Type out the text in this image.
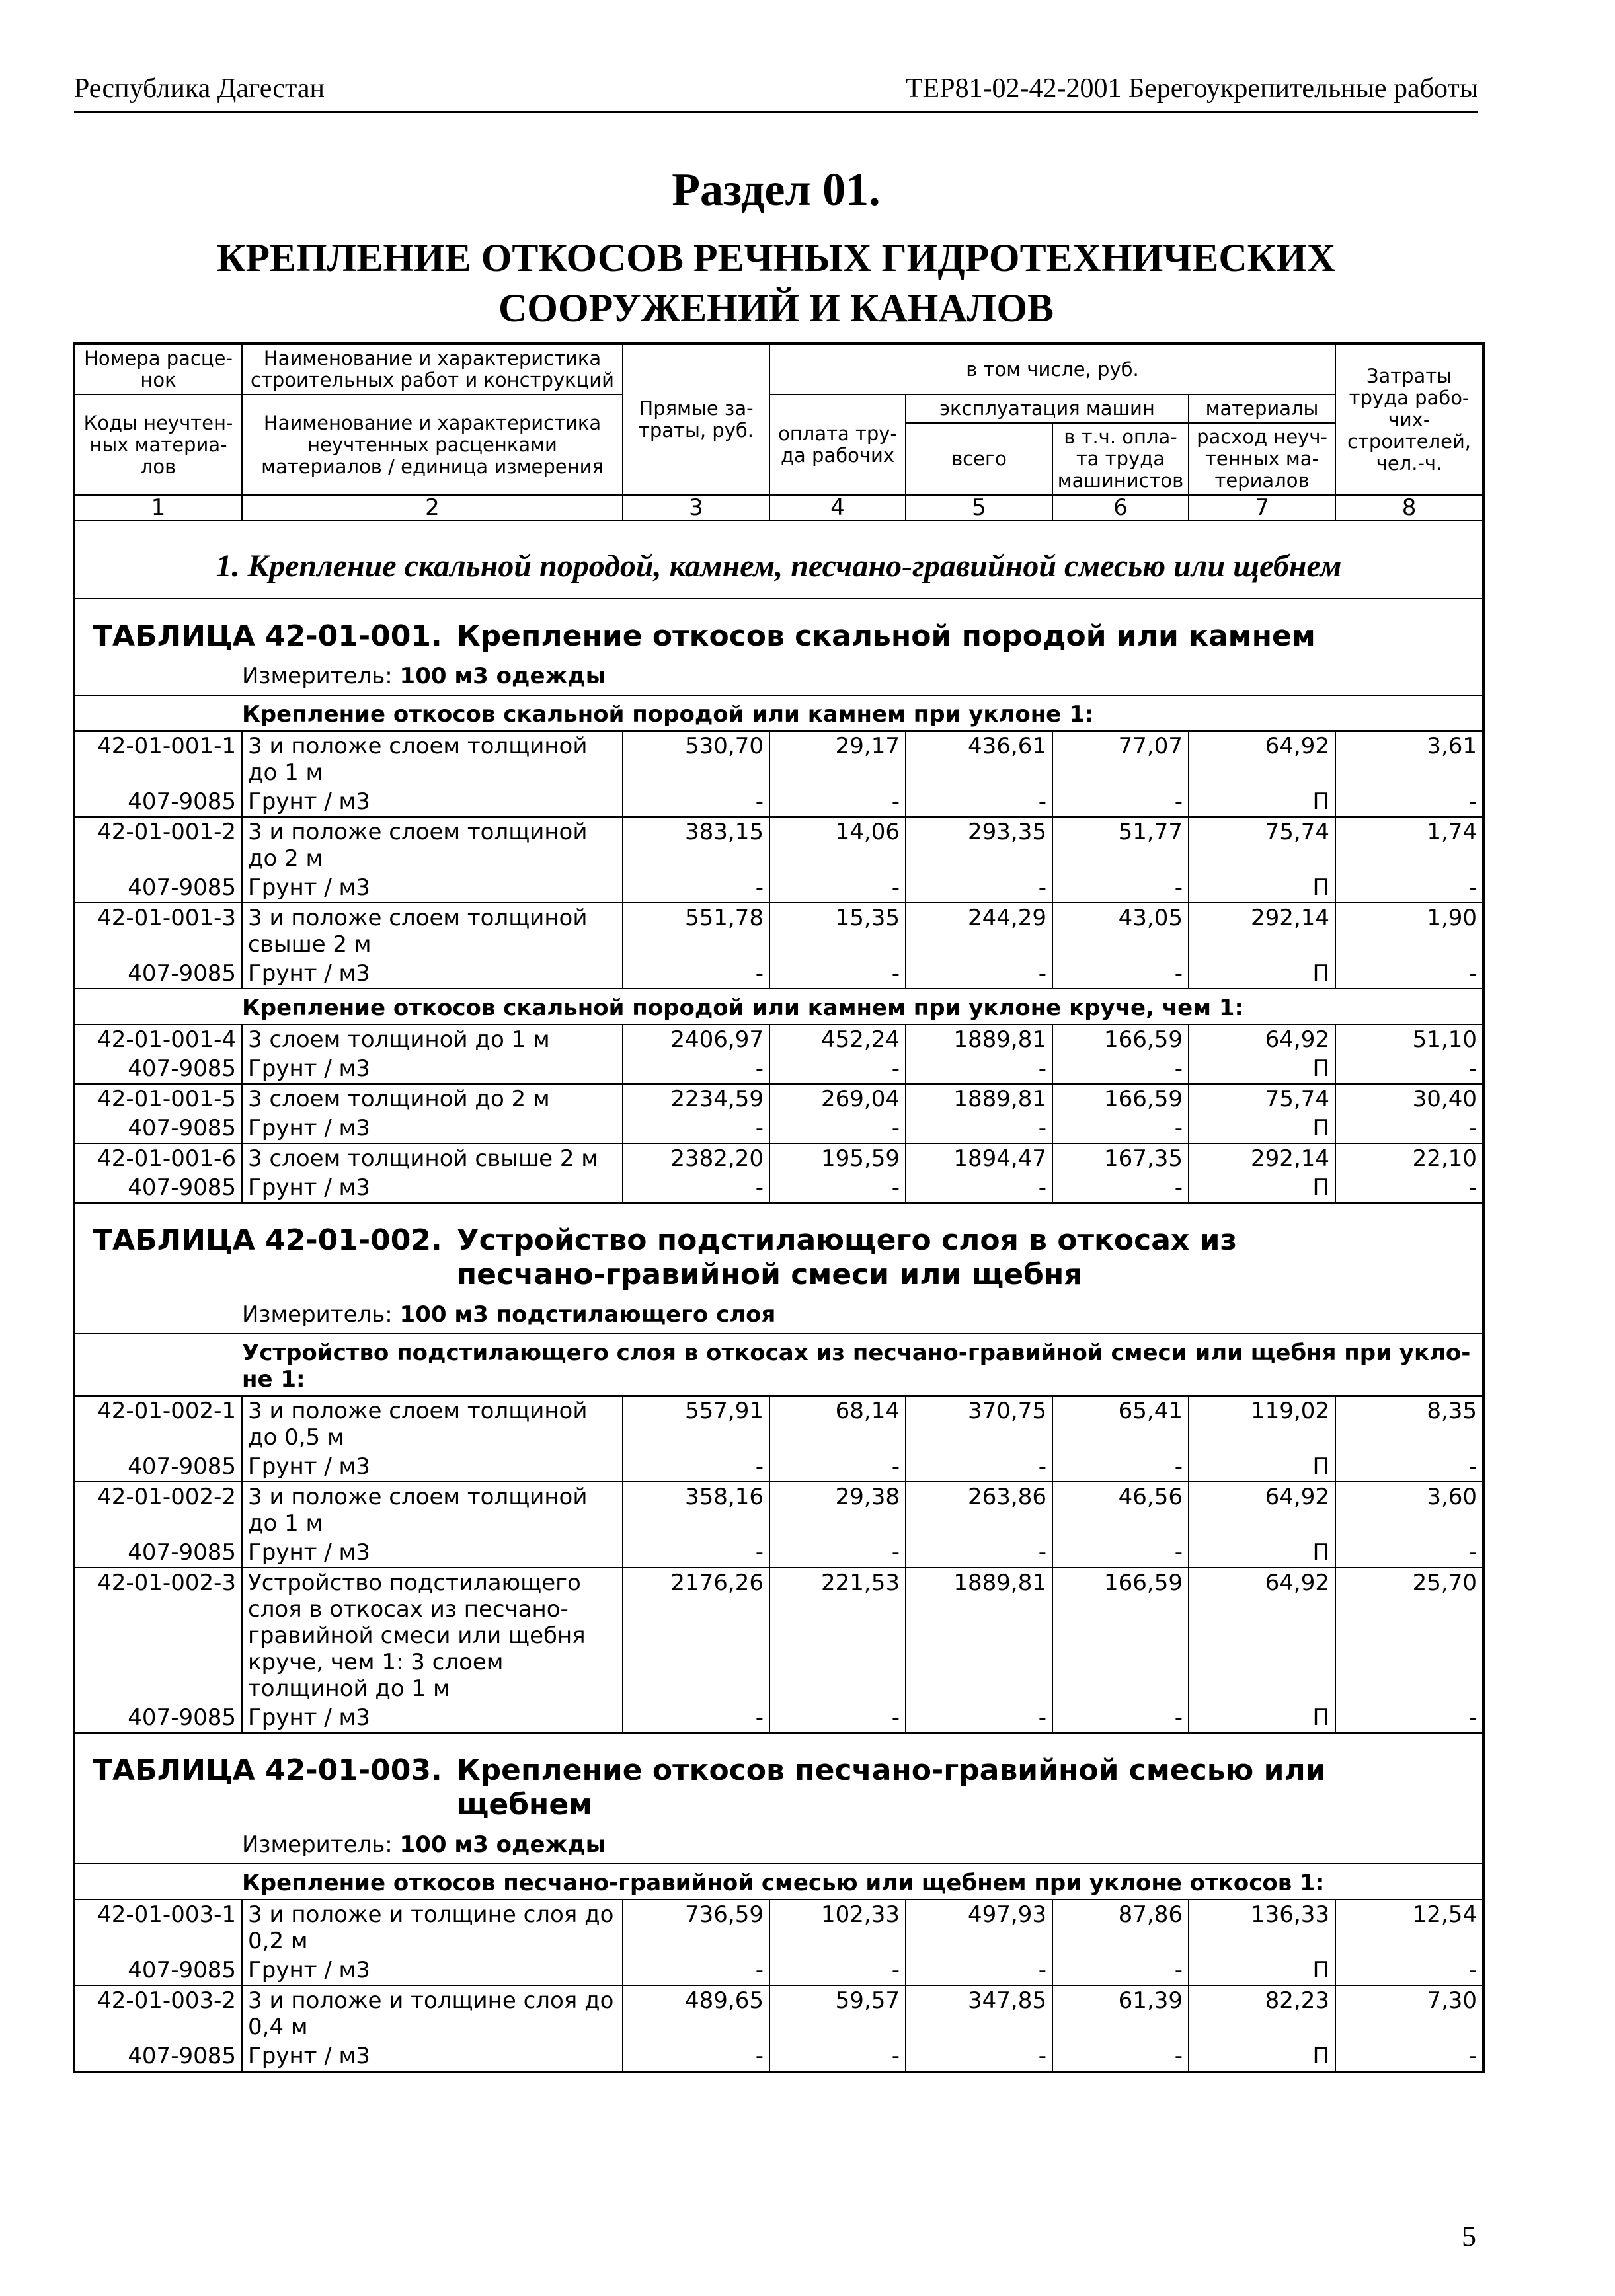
Республика Дагестан	ТЕР81-02-42-2001 Берегоукрепительные работы
Раздел 01.
КРЕПЛЕНИЕ ОТКОСОВ РЕЧНЫХ ГИДРОТЕХНИЧЕСКИХ
СООРУЖЕНИЙ И КАНАЛОВ
Номера расце-нок	Наименование и характеристика строительных работ и конструкций	Прямые за-траты, руб.	в том числе, руб.				Затраты труда рабо-чих-строителей, чел.-ч.
Коды неучтен-ных материа-лов	Наименование и характеристика неучтенных расценками материалов / единица измерения		оплата тру-да рабочих	эксплуатация машин		материалы	
				всего	в т.ч. опла-та труда машинистов	расход неуч-тенных ма-териалов	
1	2	3	4	5	6	7	8
1. Крепление скальной породой, камнем, песчано-гравийной смесью или щебнем							
ТАБЛИЦА 42-01-001. Крепление откосов скальной породой или камнем							
	Измеритель: 100 м3 одежды						
	Крепление откосов скальной породой или камнем при уклоне 1:						
42-01-001-1	3 и положе слоем толщиной до 1 м	530,70	29,17	436,61	77,07	64,92	3,61
407-9085	Грунт / м3	-	-	-	-	П	-
42-01-001-2	3 и положе слоем толщиной до 2 м	383,15	14,06	293,35	51,77	75,74	1,74
407-9085	Грунт / м3	-	-	-	-	П	-
42-01-001-3	3 и положе слоем толщиной свыше 2 м	551,78	15,35	244,29	43,05	292,14	1,90
407-9085	Грунт / м3	-	-	-	-	П	-
	Крепление откосов скальной породой или камнем при уклоне круче, чем 1:						
42-01-001-4	3 слоем толщиной до 1 м	2406,97	452,24	1889,81	166,59	64,92	51,10
407-9085	Грунт / м3	-	-	-	-	П	-
42-01-001-5	3 слоем толщиной до 2 м	2234,59	269,04	1889,81	166,59	75,74	30,40
407-9085	Грунт / м3	-	-	-	-	П	-
42-01-001-6	3 слоем толщиной свыше 2 м	2382,20	195,59	1894,47	167,35	292,14	22,10
407-9085	Грунт / м3	-	-	-	-	П	-
ТАБЛИЦА 42-01-002. Устройство подстилающего слоя в откосах из песчано-гравийной смеси или щебня							
	Измеритель: 100 м3 подстилающего слоя						
	Устройство подстилающего слоя в откосах из песчано-гравийной смеси или щебня при укло-не 1:						
42-01-002-1	3 и положе слоем толщиной до 0,5 м	557,91	68,14	370,75	65,41	119,02	8,35
407-9085	Грунт / м3	-	-	-	-	П	-
42-01-002-2	3 и положе слоем толщиной до 1 м	358,16	29,38	263,86	46,56	64,92	3,60
407-9085	Грунт / м3	-	-	-	-	П	-
42-01-002-3	Устройство подстилающего слоя в откосах из песчано-гравийной смеси или щебня круче, чем 1: 3 слоем толщиной до 1 м	2176,26	221,53	1889,81	166,59	64,92	25,70
407-9085	Грунт / м3	-	-	-	-	П	-
ТАБЛИЦА 42-01-003. Крепление откосов песчано-гравийной смесью или щебнем							
	Измеритель: 100 м3 одежды						
	Крепление откосов песчано-гравийной смесью или щебнем при уклоне откосов 1:						
42-01-003-1	3 и положе и толщине слоя до 0,2 м	736,59	102,33	497,93	87,86	136,33	12,54
407-9085	Грунт / м3	-	-	-	-	П	-
42-01-003-2	3 и положе и толщине слоя до 0,4 м	489,65	59,57	347,85	61,39	82,23	7,30
407-9085	Грунт / м3	-	-	-	-	П	-
5
